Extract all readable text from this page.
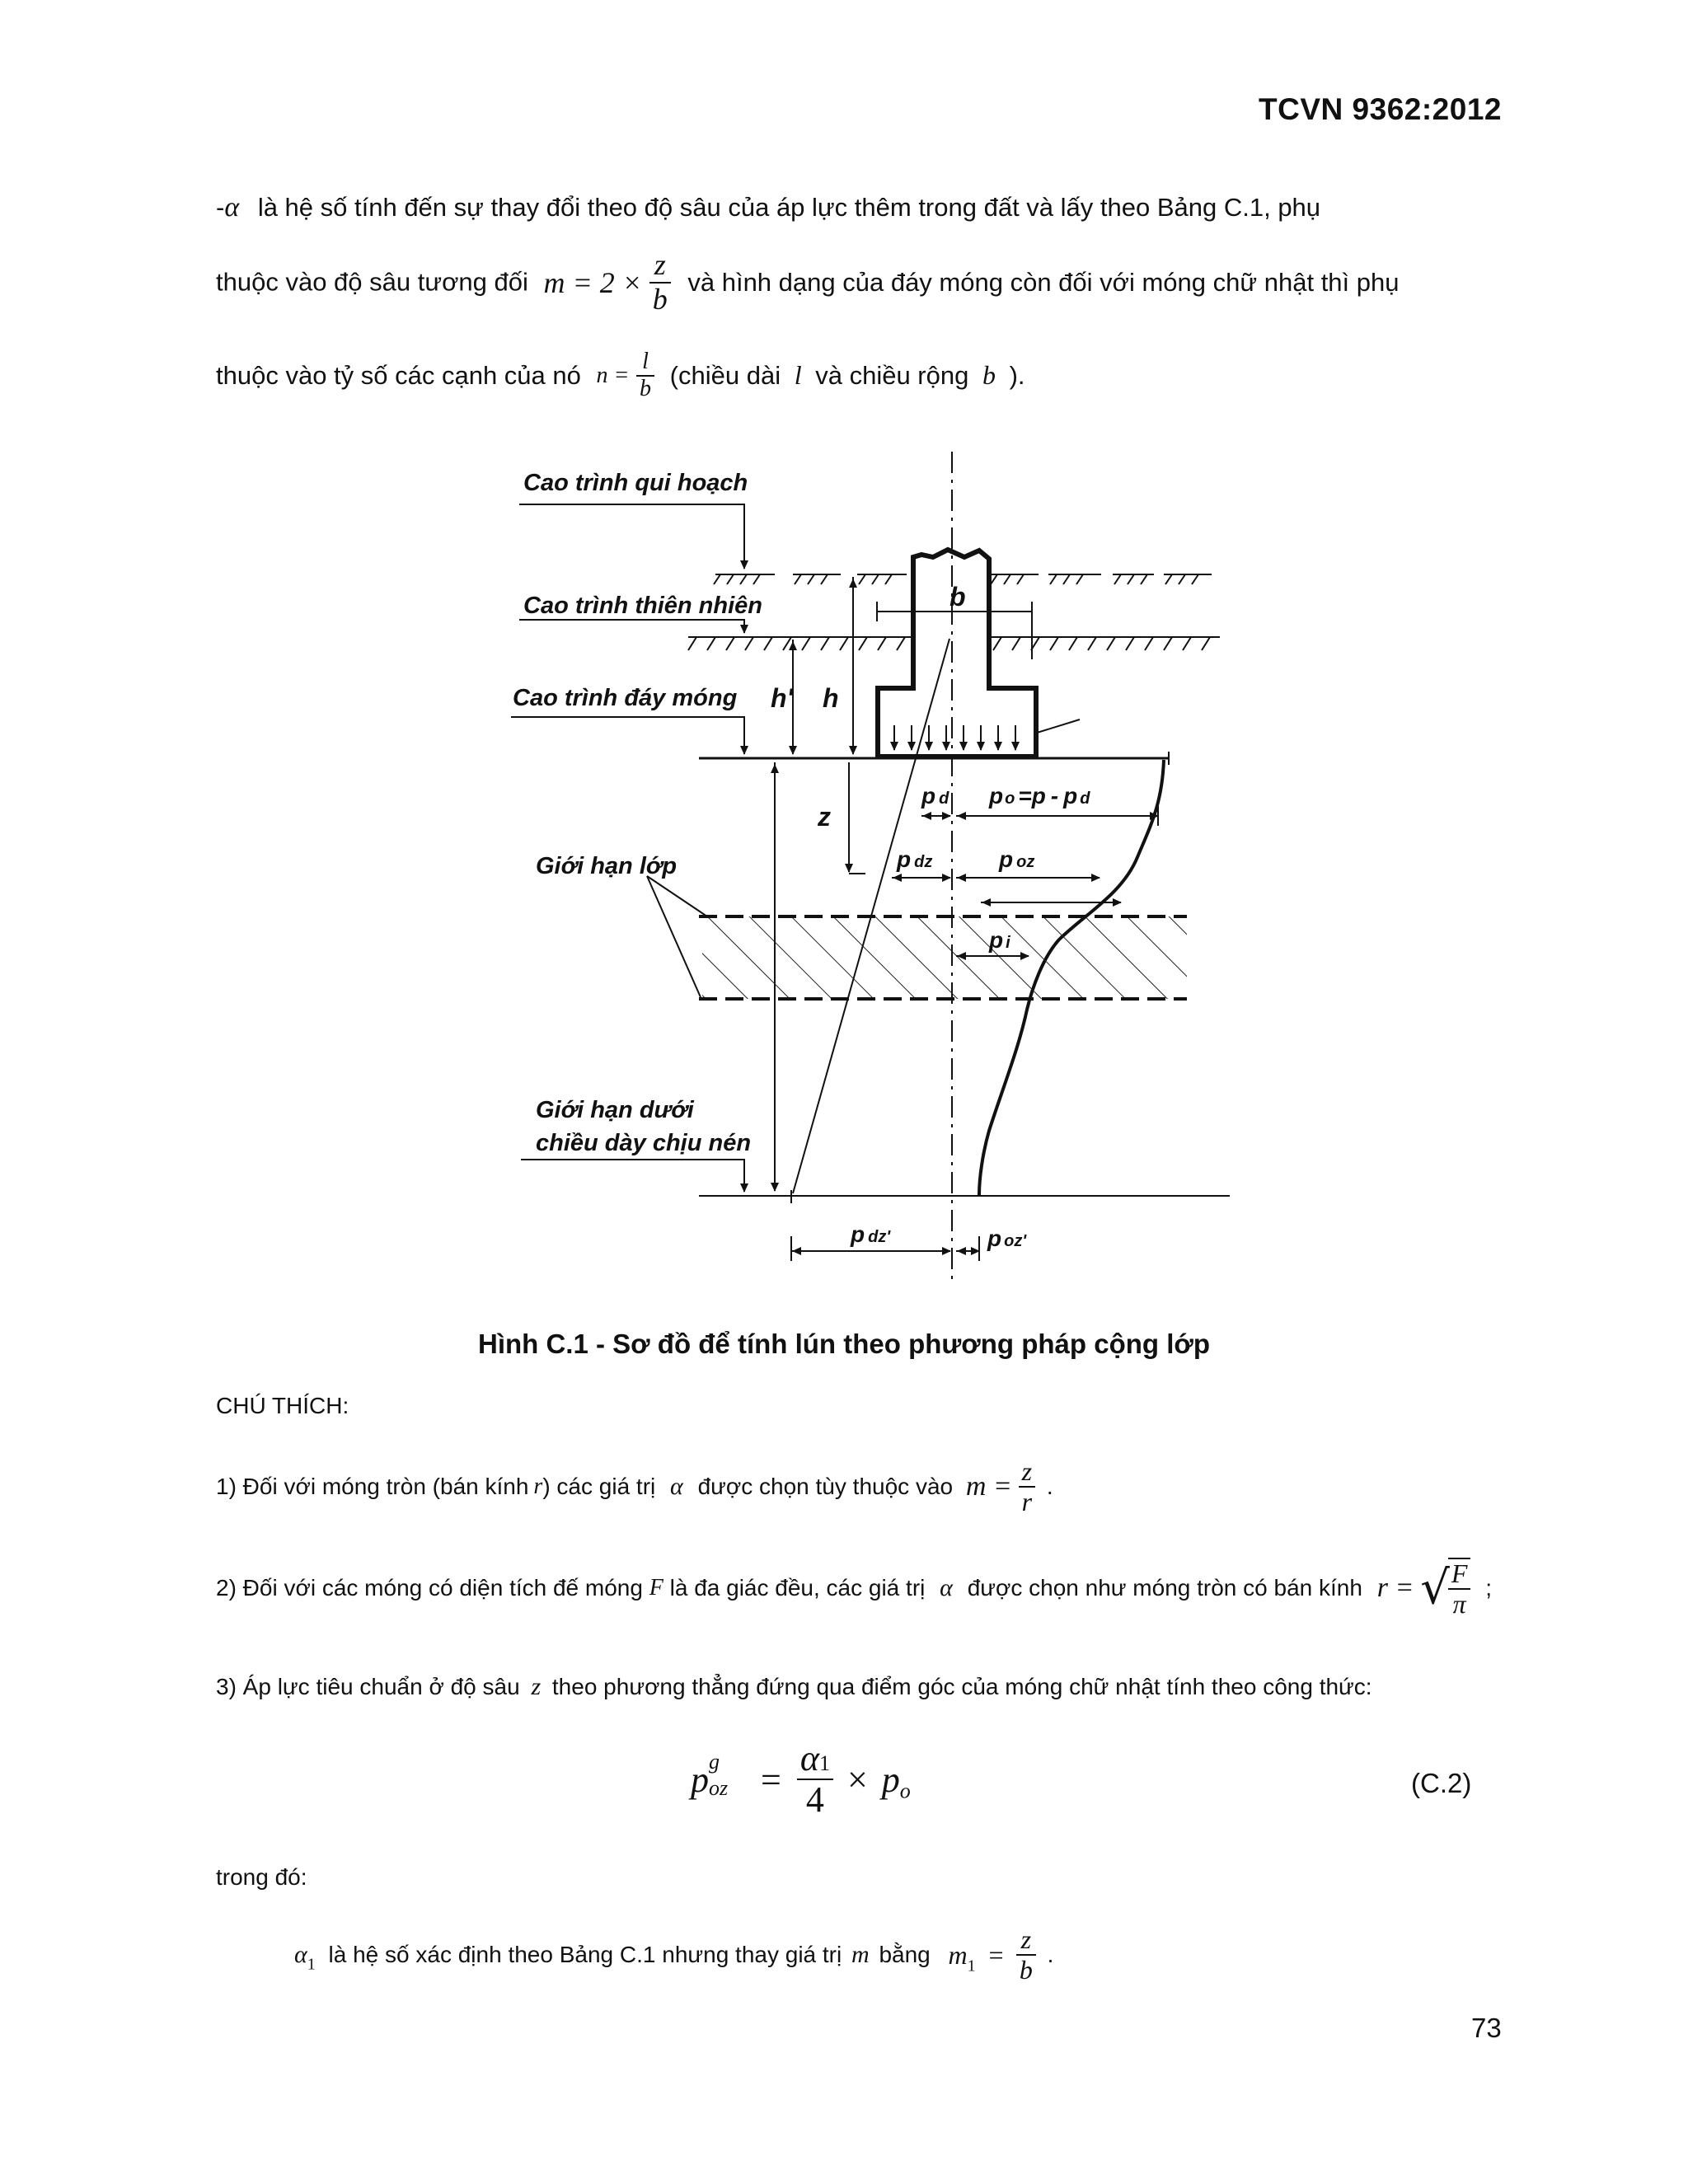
TCVN 9362:2012
-α là hệ số tính đến sự thay đổi theo độ sâu của áp lực thêm trong đất và lấy theo Bảng C.1, phụ
thuộc vào độ sâu tương đối $m = 2 \times \frac{z}{b}$ và hình dạng của đáy móng còn đối với móng chữ nhật thì phụ
thuộc vào tỷ số các cạnh của nó $n = \frac{l}{b}$ (chiều dài l và chiều rộng b ).
b
h' h
z
p d p o =p - p d
p dz	p oz
p i
p dz'	p oz'
Cao trình qui hoạch
Cao trình thiên nhiên
Cao trình đáy móng
Giới hạn lớp
Giới hạn dưới
chiều dày chịu nén
Hình C.1 - Sơ đồ để tính lún theo phương pháp cộng lớp
CHÚ THÍCH:
1) Đối với móng tròn (bán kính r) các giá trị α được chọn tùy thuộc vào $m = \frac{z}{r}$ .
2) Đối với các móng có diện tích đế móng F là đa giác đều, các giá trị α được chọn như móng tròn có bán kính r = √
$\frac{F}{\pi}$ ;
3) Áp lực tiêu chuẩn ở độ sâu z theo phương thẳng đứng qua điểm góc của móng chữ nhật tính theo công thức:
p g
oz = $\frac{\alpha 1}{4} \times p_o$	(C.2)
trong đó:
$\alpha_1$ là hệ số xác định theo Bảng C.1 nhưng thay giá trị m bằng $m_1 = \frac{z}{b}$ .
73
